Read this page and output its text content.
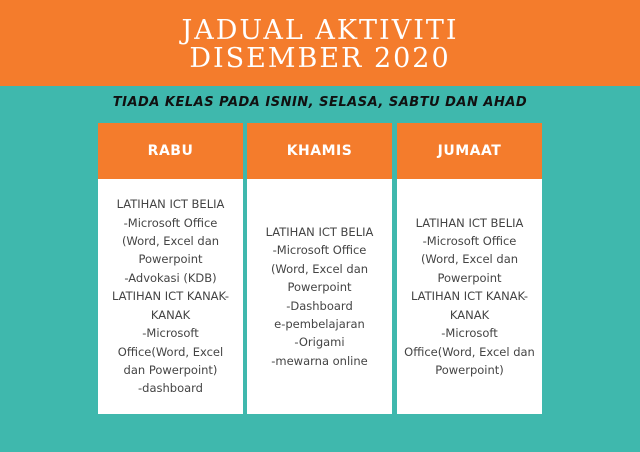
JADUAL AKTIVITI
DISEMBER 2020
TIADA KELAS PADA ISNIN, SELASA, SABTU DAN AHAD
RABU
LATIHAN ICT BELIA
-Microsoft Office
(Word, Excel dan
Powerpoint
-Advokasi (KDB)
LATIHAN ICT KANAK-
KANAK
-Microsoft
Office(Word, Excel
dan Powerpoint)
-dashboard
KHAMIS
LATIHAN ICT BELIA
-Microsoft Office
(Word, Excel dan
Powerpoint
-Dashboard
e-pembelajaran
-Origami
-mewarna online
JUMAAT
LATIHAN ICT BELIA
-Microsoft Office
(Word, Excel dan
Powerpoint
LATIHAN ICT KANAK-
KANAK
-Microsoft
Office(Word, Excel dan
Powerpoint)
